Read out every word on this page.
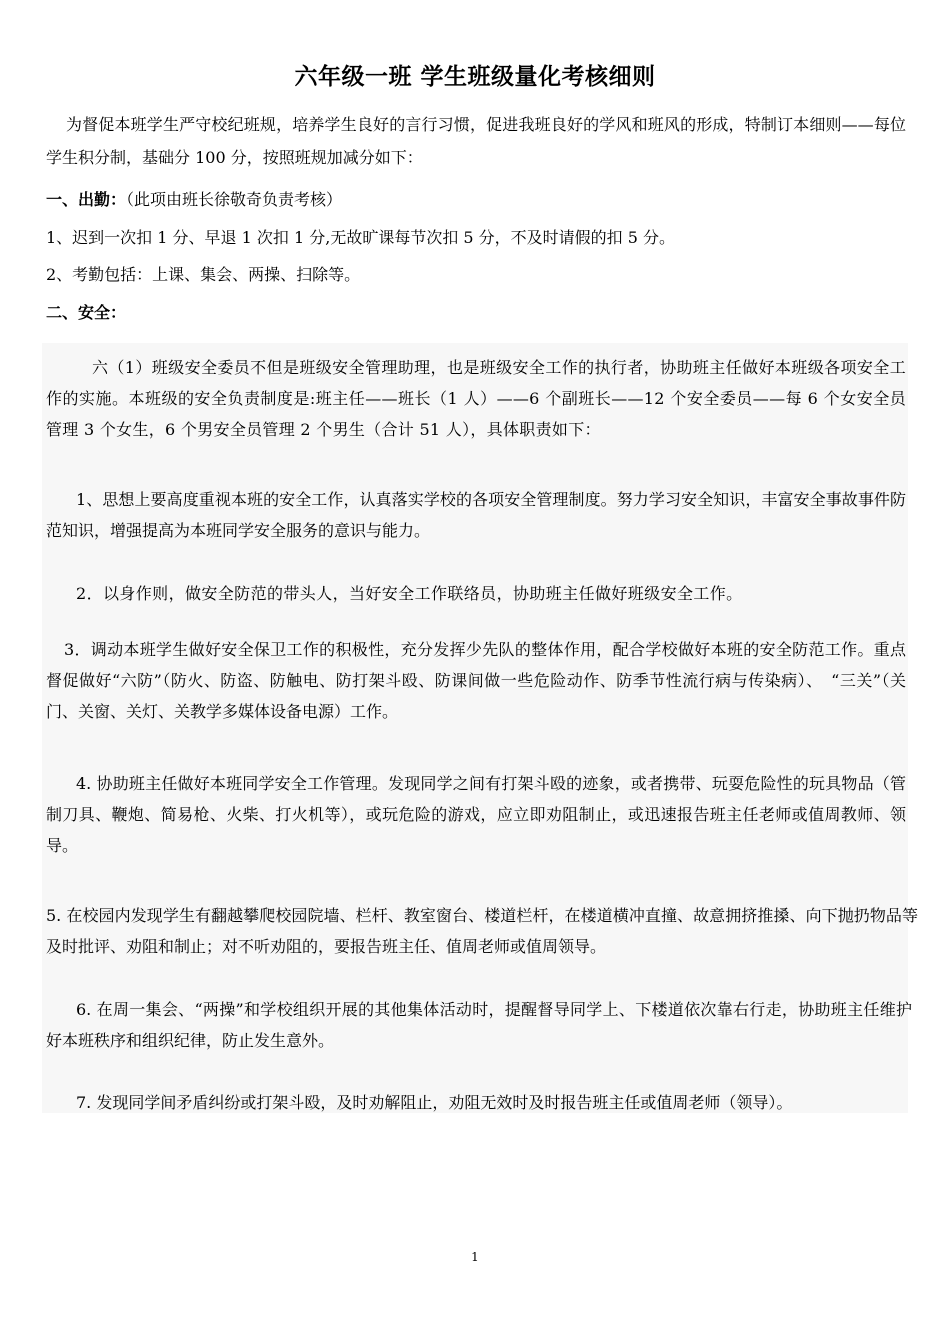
六年级一班 学生班级量化考核细则
为督促本班学生严守校纪班规，培养学生良好的言行习惯，促进我班良好的学风和班风的形成，特制订本细则——每位学生积分制，基础分 100 分，按照班规加减分如下：
一、出勤：（此项由班长徐敬奇负责考核）
1、迟到一次扣 1 分、早退 1 次扣 1 分,无故旷课每节次扣 5 分，不及时请假的扣 5 分。
2、考勤包括：上课、集会、两操、扫除等。
二、安全：
六（1）班级安全委员不但是班级安全管理助理，也是班级安全工作的执行者，协助班主任做好本班级各项安全工作的实施。本班级的安全负责制度是:班主任——班长（1 人）——6 个副班长——12 个安全委员——每 6 个女安全员管理 3 个女生，6 个男安全员管理 2 个男生（合计 51 人），具体职责如下：
1、思想上要高度重视本班的安全工作，认真落实学校的各项安全管理制度。努力学习安全知识，丰富安全事故事件防范知识，增强提高为本班同学安全服务的意识与能力。
2．以身作则，做安全防范的带头人，当好安全工作联络员，协助班主任做好班级安全工作。
3．调动本班学生做好安全保卫工作的积极性，充分发挥少先队的整体作用，配合学校做好本班的安全防范工作。重点督促做好“六防”（防火、防盗、防触电、防打架斗殴、防课间做一些危险动作、防季节性流行病与传染病）、　“三关”（关门、关窗、关灯、关教学多媒体设备电源）工作。
4. 协助班主任做好本班同学安全工作管理。发现同学之间有打架斗殴的迹象，或者携带、玩耍危险性的玩具物品（管制刀具、鞭炮、简易枪、火柴、打火机等），或玩危险的游戏，应立即劝阻制止，或迅速报告班主任老师或值周教师、领导。
5. 在校园内发现学生有翻越攀爬校园院墙、栏杆、教室窗台、楼道栏杆，在楼道横冲直撞、故意拥挤推搡、向下抛扔物品等及时批评、劝阻和制止；对不听劝阻的，要报告班主任、值周老师或值周领导。
6. 在周一集会、“两操”和学校组织开展的其他集体活动时，提醒督导同学上、下楼道依次靠右行走，协助班主任维护好本班秩序和组织纪律，防止发生意外。
7. 发现同学间矛盾纠纷或打架斗殴，及时劝解阻止，劝阻无效时及时报告班主任或值周老师（领导）。
1
